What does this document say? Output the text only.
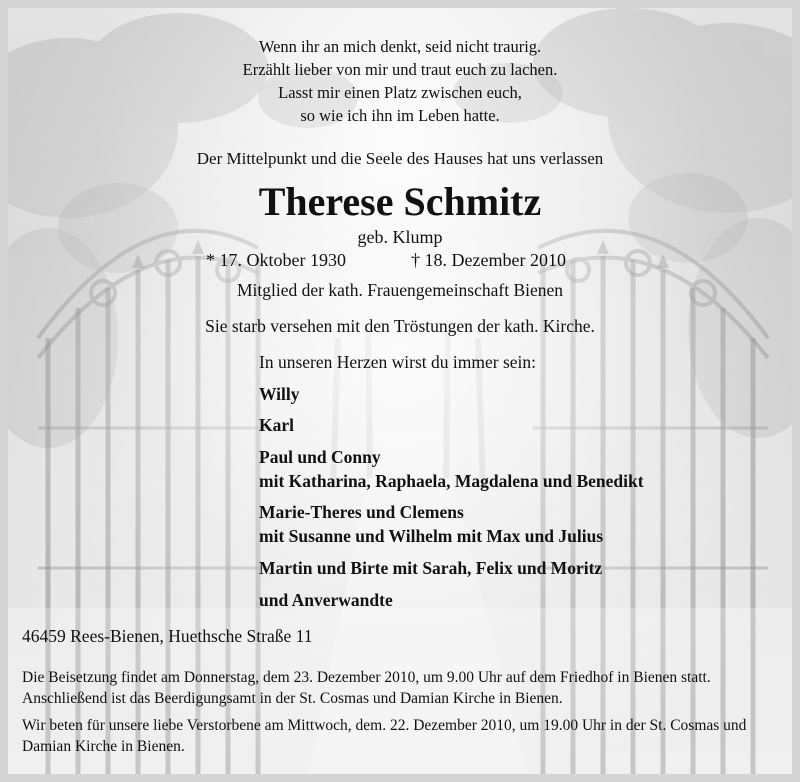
Wenn ihr an mich denkt, seid nicht traurig.
Erzählt lieber von mir und traut euch zu lachen.
Lasst mir einen Platz zwischen euch,
so wie ich ihn im Leben hatte.
Der Mittelpunkt und die Seele des Hauses hat uns verlassen
Therese Schmitz
geb. Klump
* 17. Oktober 1930	† 18. Dezember 2010
Mitglied der kath. Frauengemeinschaft Bienen
Sie starb versehen mit den Tröstungen der kath. Kirche.
In unseren Herzen wirst du immer sein:
Willy
Karl
Paul und Conny
mit Katharina, Raphaela, Magdalena und Benedikt
Marie-Theres und Clemens
mit Susanne und Wilhelm mit Max und Julius
Martin und Birte mit Sarah, Felix und Moritz
und Anverwandte
46459 Rees-Bienen, Huethsche Straße 11
Die Beisetzung findet am Donnerstag, dem 23. Dezember 2010, um 9.00 Uhr auf dem Friedhof in Bienen statt. Anschließend ist das Beerdigungsamt in der St. Cosmas und Damian Kirche in Bienen.
Wir beten für unsere liebe Verstorbene am Mittwoch, dem. 22. Dezember 2010, um 19.00 Uhr in der St. Cosmas und Damian Kirche in Bienen.
